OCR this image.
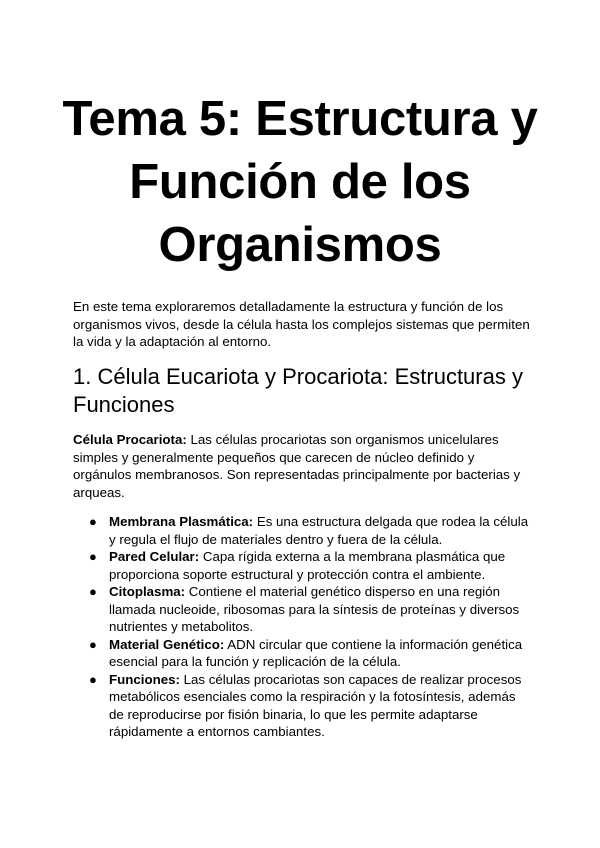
Tema 5: Estructura y Función de los Organismos

En este tema exploraremos detalladamente la estructura y función de los organismos vivos, desde la célula hasta los complejos sistemas que permiten la vida y la adaptación al entorno.

1. Célula Eucariota y Procariota: Estructuras y Funciones

Célula Procariota: Las células procariotas son organismos unicelulares simples y generalmente pequeños que carecen de núcleo definido y orgánulos membranosos. Son representadas principalmente por bacterias y arqueas.

● Membrana Plasmática: Es una estructura delgada que rodea la célula y regula el flujo de materiales dentro y fuera de la célula.
● Pared Celular: Capa rígida externa a la membrana plasmática que proporciona soporte estructural y protección contra el ambiente.
● Citoplasma: Contiene el material genético disperso en una región llamada nucleoide, ribosomas para la síntesis de proteínas y diversos nutrientes y metabolitos.
● Material Genético: ADN circular que contiene la información genética esencial para la función y replicación de la célula.
● Funciones: Las células procariotas son capaces de realizar procesos metabólicos esenciales como la respiración y la fotosíntesis, además de reproducirse por fisión binaria, lo que les permite adaptarse rápidamente a entornos cambiantes.
